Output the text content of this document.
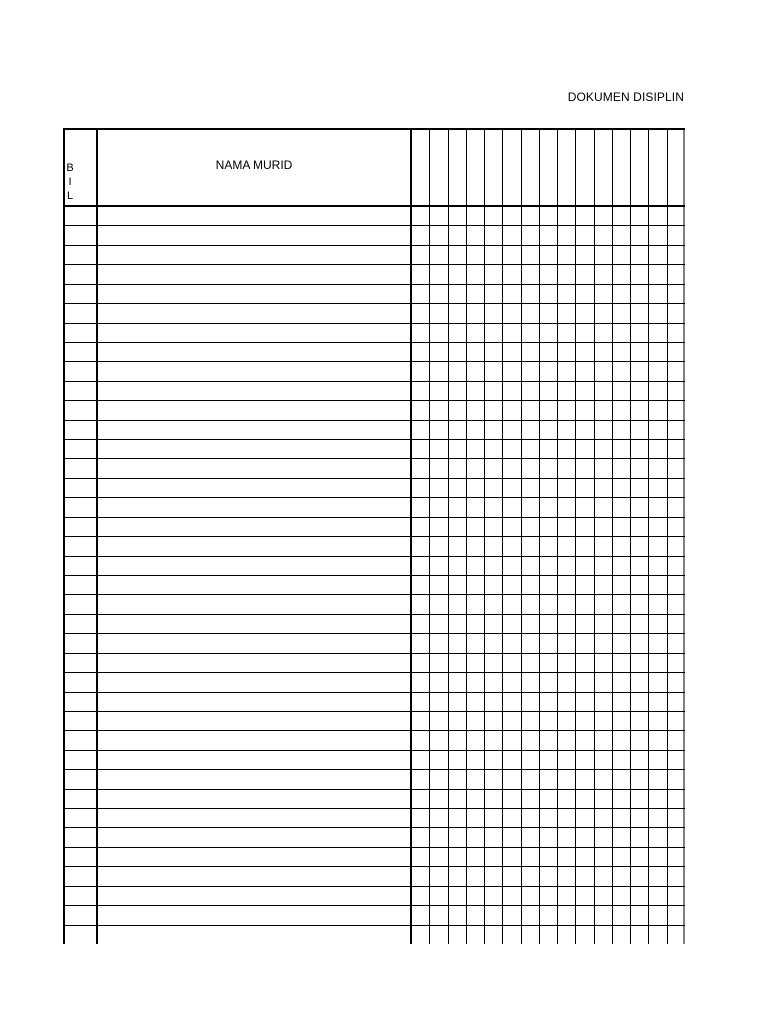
DOKUMEN DISIPLIN
B
I
L
NAMA MURID
